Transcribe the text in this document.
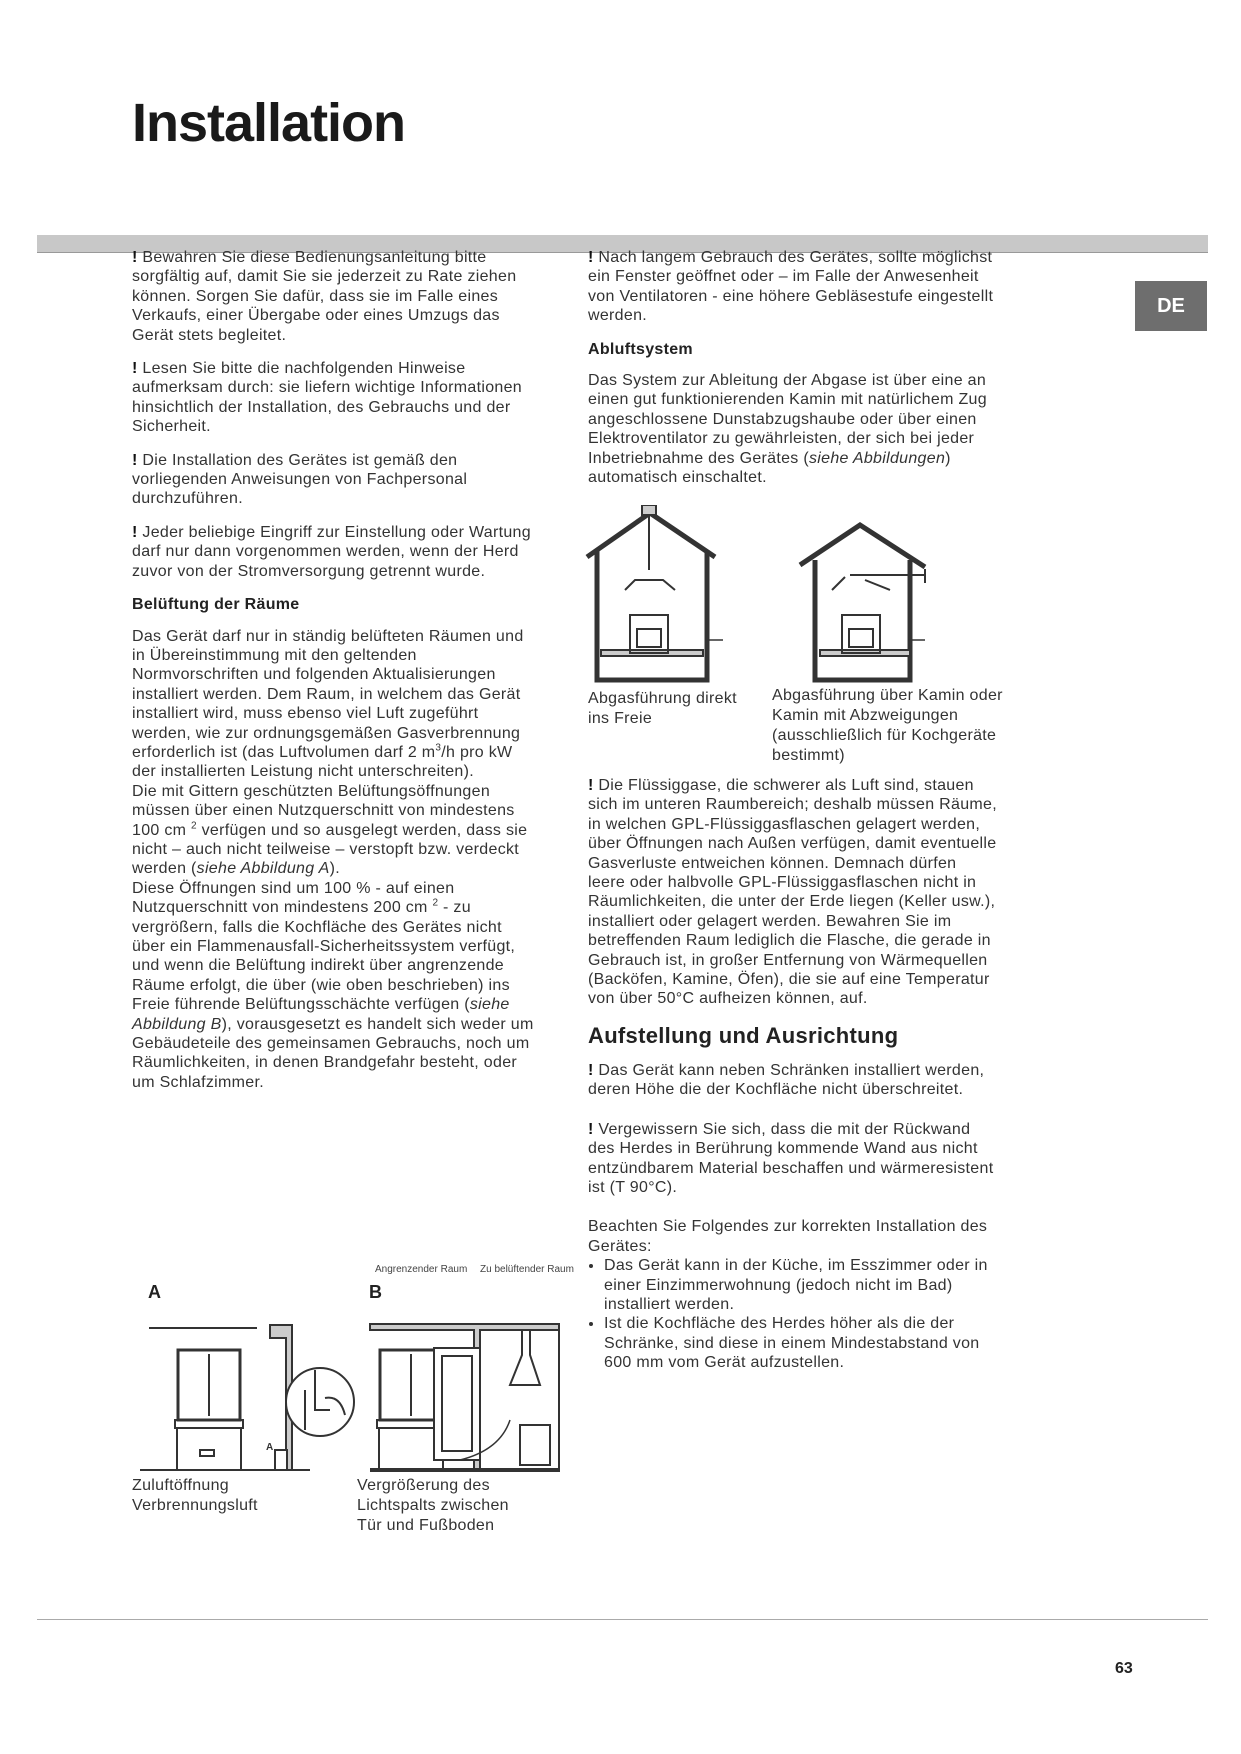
Installation
DE

! Bewahren Sie diese Bedienungsanleitung bitte sorgfältig auf, damit Sie sie jederzeit zu Rate ziehen können. Sorgen Sie dafür, dass sie im Falle eines Verkaufs, einer Übergabe oder eines Umzugs das Gerät stets begleitet.

! Lesen Sie bitte die nachfolgenden Hinweise aufmerksam durch: sie liefern wichtige Informationen hinsichtlich der Installation, des Gebrauchs und der Sicherheit.

! Die Installation des Gerätes ist gemäß den vorliegenden Anweisungen von Fachpersonal durchzuführen.

! Jeder beliebige Eingriff zur Einstellung oder Wartung darf nur dann vorgenommen werden, wenn der Herd zuvor von der Stromversorgung getrennt wurde.

Belüftung der Räume

Das Gerät darf nur in ständig belüfteten Räumen und in Übereinstimmung mit den geltenden Normvorschriften und folgenden Aktualisierungen installiert werden. Dem Raum, in welchem das Gerät installiert wird, muss ebenso viel Luft zugeführt werden, wie zur ordnungsgemäßen Gasverbrennung erforderlich ist (das Luftvolumen darf 2 $m^3/h$ pro kW der installierten Leistung nicht unterschreiten).
Die mit Gittern geschützten Belüftungsöffnungen müssen über einen Nutzquerschnitt von mindestens 100 cm $^2$ verfügen und so ausgelegt werden, dass sie nicht – auch nicht teilweise – verstopft bzw. verdeckt werden (siehe Abbildung A).
Diese Öffnungen sind um 100 % - auf einen Nutzquerschnitt von mindestens 200 cm $^2$ - zu vergrößern, falls die Kochfläche des Gerätes nicht über ein Flammenausfall-Sicherheitssystem verfügt, und wenn die Belüftung indirekt über angrenzende Räume erfolgt, die über (wie oben beschrieben) ins Freie führende Belüftungsschächte verfügen (siehe Abbildung B), vorausgesetzt es handelt sich weder um Gebäudeteile des gemeinsamen Gebrauchs, noch um Räumlichkeiten, in denen Brandgefahr besteht, oder um Schlafzimmer.

Angrenzender Raum Zu belüftender Raum
A	B
A
Zuluftöffnung Verbrennungsluft
Vergrößerung des Lichtspalts zwischen Tür und Fußboden

! Nach langem Gebrauch des Gerätes, sollte möglichst ein Fenster geöffnet oder – im Falle der Anwesenheit von Ventilatoren - eine höhere Gebläsestufe eingestellt werden.

Abluftsystem

Das System zur Ableitung der Abgase ist über eine an einen gut funktionierenden Kamin mit natürlichem Zug angeschlossene Dunstabzugshaube oder über einen Elektroventilator zu gewährleisten, der sich bei jeder Inbetriebnahme des Gerätes (siehe Abbildungen) automatisch einschaltet.

Abgasführung direkt ins Freie
Abgasführung über Kamin oder Kamin mit Abzweigungen (ausschließlich für Kochgeräte bestimmt)

! Die Flüssiggase, die schwerer als Luft sind, stauen sich im unteren Raumbereich; deshalb müssen Räume, in welchen GPL-Flüssiggasflaschen gelagert werden, über Öffnungen nach Außen verfügen, damit eventuelle Gasverluste entweichen können. Demnach dürfen leere oder halbvolle GPL-Flüssiggasflaschen nicht in Räumlichkeiten, die unter der Erde liegen (Keller usw.), installiert oder gelagert werden. Bewahren Sie im betreffenden Raum lediglich die Flasche, die gerade in Gebrauch ist, in großer Entfernung von Wärmequellen (Backöfen, Kamine, Öfen), die sie auf eine Temperatur von über 50°C aufheizen können, auf.

Aufstellung und Ausrichtung

! Das Gerät kann neben Schränken installiert werden, deren Höhe die der Kochfläche nicht überschreitet.

! Vergewissern Sie sich, dass die mit der Rückwand des Herdes in Berührung kommende Wand aus nicht entzündbarem Material beschaffen und wärmeresistent ist (T 90°C).

Beachten Sie Folgendes zur korrekten Installation des Gerätes:

• Das Gerät kann in der Küche, im Esszimmer oder in einer Einzimmerwohnung (jedoch nicht im Bad) installiert werden.
• Ist die Kochfläche des Herdes höher als die der Schränke, sind diese in einem Mindestabstand von 600 mm vom Gerät aufzustellen.
63
